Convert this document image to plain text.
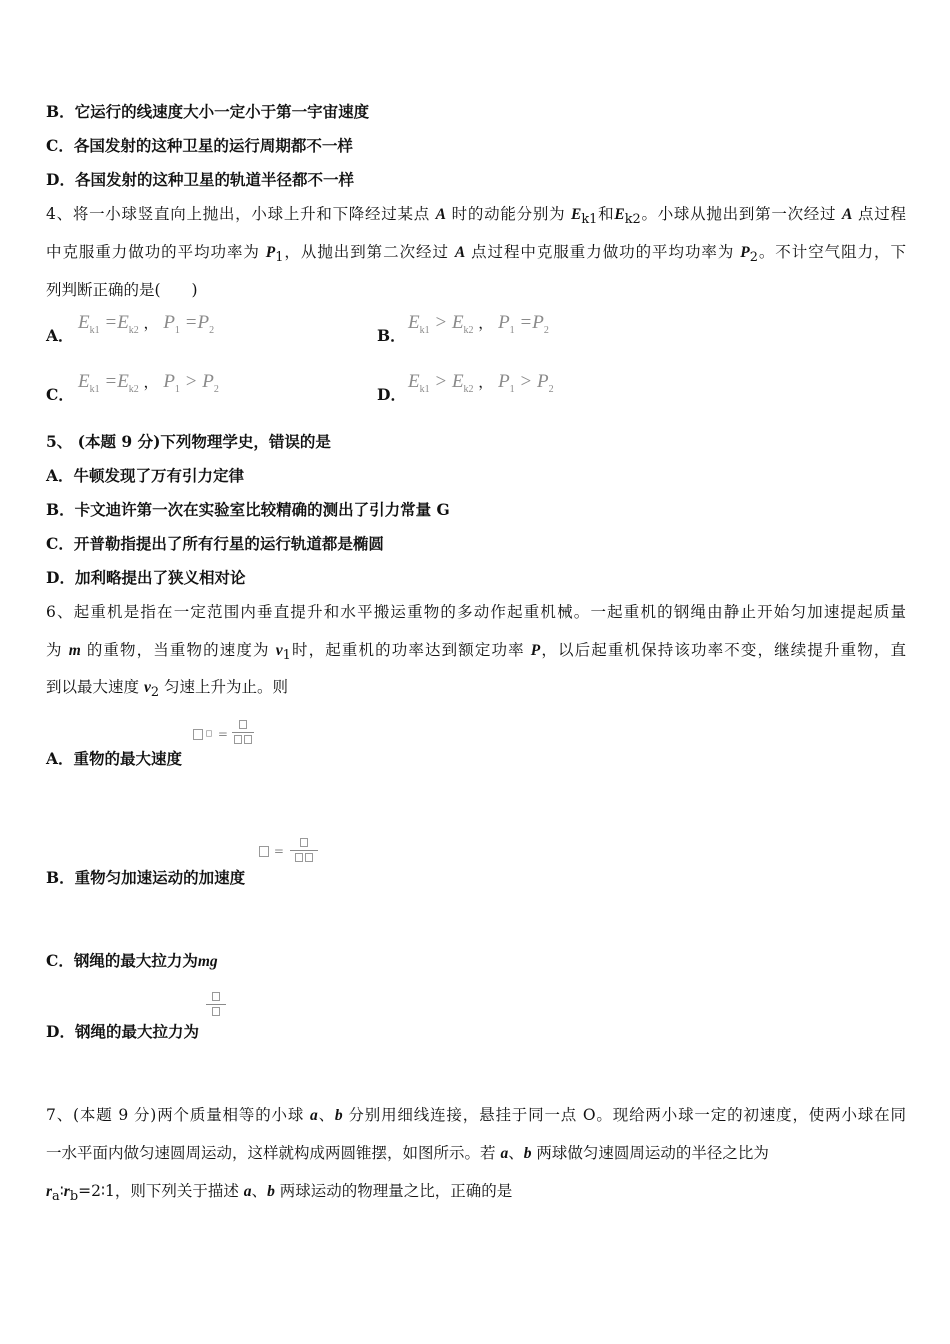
B．它运行的线速度大小一定小于第一宇宙速度
C．各国发射的这种卫星的运行周期都不一样
D．各国发射的这种卫星的轨道半径都不一样
4、将一小球竖直向上抛出，小球上升和下降经过某点 A 时的动能分别为 $E_{k1}$和$E_{k2}$。小球从抛出到第一次经过 A 点过程
中克服重力做功的平均功率为 $P_1$，从抛出到第二次经过 A 点过程中克服重力做功的平均功率为 $P_2$。不计空气阻力，下
列判断正确的是(　　)
A．
$E_{k1} =E_{k2}$ ， $P_1 =P_2$	B．
$E_{k1} > E_{k2}$ ， $P_1 =P_2$
C．
$E_{k1} =E_{k2}$ ， $P_1 > P_2$	D．
$E_{k1} > E_{k2}$ ， $P_1 > P_2$
5、 (本题 9 分)下列物理学史，错误的是
A．牛顿发现了万有引力定律
B．卡文迪许第一次在实验室比较精确的测出了引力常量 G
C．开普勒指提出了所有行星的运行轨道都是椭圆
D．加利略提出了狭义相对论
6、起重机是指在一定范围内垂直提升和水平搬运重物的多动作起重机械。一起重机的钢绳由静止开始匀加速提起质量
为 m 的重物，当重物的速度为 $v_1$时，起重机的功率达到额定功率 P，以后起重机保持该功率不变，继续提升重物，直
到以最大速度 $v_2$ 匀速上升为止。则
=
A．重物的最大速度
=
B．重物匀加速运动的加速度
C．钢绳的最大拉力为mg
D．钢绳的最大拉力为
7、(本题 9 分)两个质量相等的小球 a、b 分别用细线连接，悬挂于同一点 O。现给两小球一定的初速度，使两小球在同
一水平面内做匀速圆周运动，这样就构成两圆锥摆，如图所示。若 a、b 两球做匀速圆周运动的半径之比为
$r_a∶r_b=2∶1$，则下列关于描述 a、b 两球运动的物理量之比，正确的是
